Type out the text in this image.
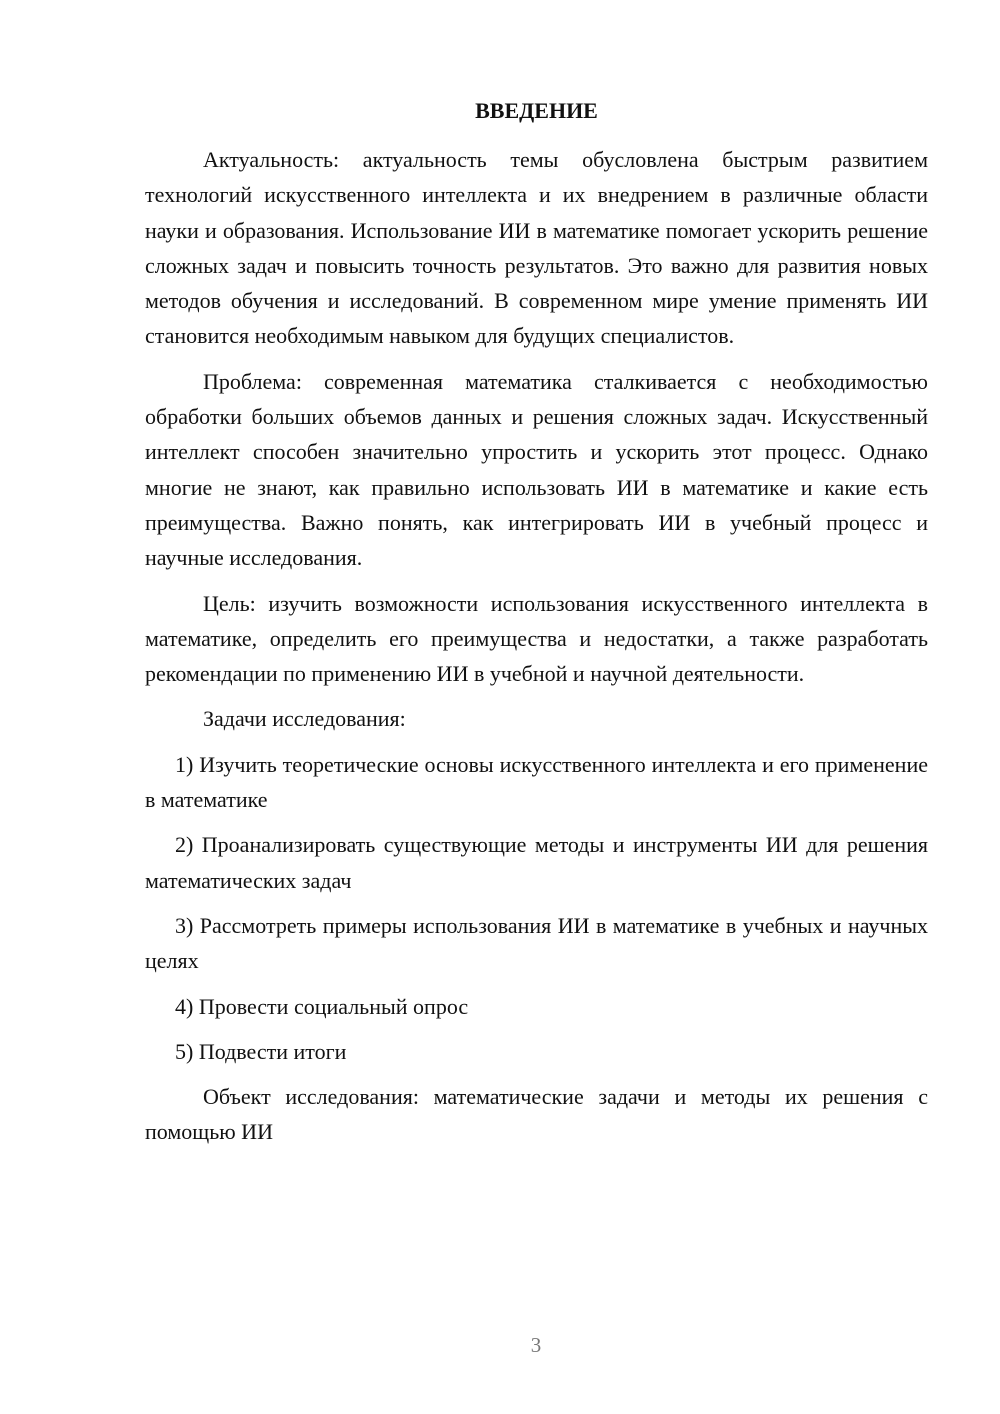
ВВЕДЕНИЕ

Актуальность: актуальность темы обусловлена быстрым развитием технологий искусственного интеллекта и их внедрением в различные области науки и образования. Использование ИИ в математике помогает ускорить решение сложных задач и повысить точность результатов. Это важно для развития новых методов обучения и исследований. В современном мире умение применять ИИ становится необходимым навыком для будущих специалистов.

Проблема: современная математика сталкивается с необходимостью обработки больших объемов данных и решения сложных задач. Искусственный интеллект способен значительно упростить и ускорить этот процесс. Однако многие не знают, как правильно использовать ИИ в математике и какие есть преимущества. Важно понять, как интегрировать ИИ в учебный процесс и научные исследования.

Цель: изучить возможности использования искусственного интеллекта в математике, определить его преимущества и недостатки, а также разработать рекомендации по применению ИИ в учебной и научной деятельности.

Задачи исследования:

1) Изучить теоретические основы искусственного интеллекта и его применение в математике

2) Проанализировать существующие методы и инструменты ИИ для решения математических задач

3) Рассмотреть примеры использования ИИ в математике в учебных и научных целях

4) Провести социальный опрос

5) Подвести итоги

Объект исследования: математические задачи и методы их решения с помощью ИИ

3
